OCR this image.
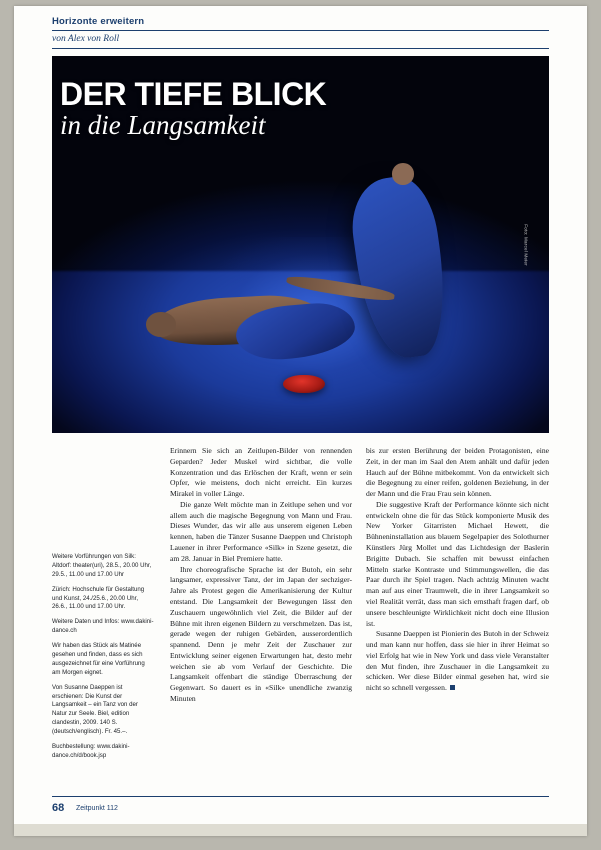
Horizonte erweitern
von Alex von Roll
Foto: Marcel Meier
DER TIEFE BLICK
in die Langsamkeit

Weitere Vorführungen von Silk: Altdorf: theater(uri), 28.5., 20.00 Uhr, 29.5., 11.00 und 17.00 Uhr

Zürich: Hochschule für Gestaltung und Kunst, 24./25.6., 20.00 Uhr, 26.6., 11.00 und 17.00 Uhr.

Weitere Daten und Infos: www.dakini-dance.ch

Wir haben das Stück als Matinée gesehen und finden, dass es sich ausgezeichnet für eine Vorführung am Morgen eignet.

Von Susanne Daeppen ist erschienen: Die Kunst der Langsamkeit – ein Tanz von der Natur zur Seele. Biel, edition clandestin, 2009. 140 S. (deutsch/englisch). Fr. 45.–.

Buchbestellung: www.dakini-dance.ch/d/book.jsp

Erinnern Sie sich an Zeitlupen-Bilder von rennenden Geparden? Jeder Muskel wird sichtbar, die volle Konzentration und das Erlöschen der Kraft, wenn er sein Opfer, wie meistens, doch nicht erreicht. Ein kurzes Mirakel in voller Länge.

Die ganze Welt möchte man in Zeitlupe sehen und vor allem auch die magische Begegnung von Mann und Frau. Dieses Wunder, das wir alle aus unserem eigenen Leben kennen, haben die Tänzer Susanne Daeppen und Christoph Lauener in ihrer Performance «Silk» in Szene gesetzt, die am 28. Januar in Biel Premiere hatte.

Ihre choreografische Sprache ist der Butoh, ein sehr langsamer, expressiver Tanz, der im Japan der sechziger-Jahre als Protest gegen die Amerikanisierung der Kultur entstand. Die Langsamkeit der Bewegungen lässt den Zuschauern ungewöhnlich viel Zeit, die Bilder auf der Bühne mit ihren eigenen Bildern zu verschmelzen. Das ist, gerade wegen der ruhigen Gebärden, ausserordentlich spannend. Denn je mehr Zeit der Zuschauer zur Entwicklung seiner eigenen Erwartungen hat, desto mehr weichen sie ab vom Verlauf der Geschichte. Die Langsamkeit offenbart die ständige Überraschung der Gegenwart. So dauert es in «Silk» unendliche zwanzig Minuten

bis zur ersten Berührung der beiden Protagonisten, eine Zeit, in der man im Saal den Atem anhält und dafür jeden Hauch auf der Bühne mitbekommt. Von da entwickelt sich die Begegnung zu einer reifen, goldenen Beziehung, in der der Mann und die Frau Frau sein können.

Die suggestive Kraft der Performance könnte sich nicht entwickeln ohne die für das Stück komponierte Musik des New Yorker Gitarristen Michael Hewett, die Bühneninstallation aus blauem Segelpapier des Solothurner Künstlers Jürg Mollet und das Lichtdesign der Baslerin Brigitte Dubach. Sie schaffen mit bewusst einfachen Mitteln starke Kontraste und Stimmungswellen, die das Paar durch ihr Spiel tragen. Nach achtzig Minuten wacht man auf aus einer Traumwelt, die in ihrer Langsamkeit so viel Realität verrät, dass man sich ernsthaft fragen darf, ob unsere beschleunigte Wirklichkeit nicht doch eine Illusion ist.

Susanne Daeppen ist Pionierin des Butoh in der Schweiz und man kann nur hoffen, dass sie hier in ihrer Heimat so viel Erfolg hat wie in New York und dass viele Veranstalter den Mut finden, ihre Zuschauer in die Langsamkeit zu schicken. Wer diese Bilder einmal gesehen hat, wird sie nicht so schnell vergessen.

68 Zeitpunkt 112
